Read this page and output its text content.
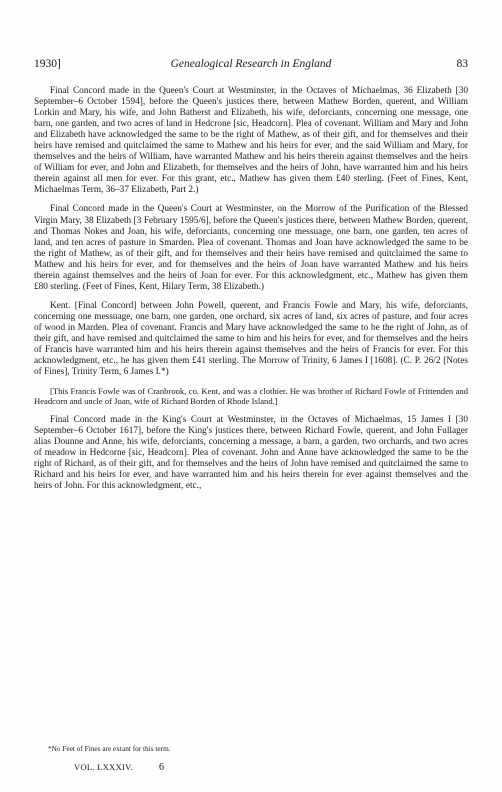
1930]	Genealogical Research in England	83

Final Concord made in the Queen's Court at Westminster, in the Octaves of Michaelmas, 36 Elizabeth [30 September–6 October 1594], before the Queen's justices there, between Mathew Borden, querent, and William Lorkin and Mary, his wife, and John Batherst and Elizabeth, his wife, deforciants, concerning one message, one barn, one garden, and two acres of land in Hedcrone [sic, Headcorn]. Plea of covenant. William and Mary and John and Elizabeth have acknowledged the same to be the right of Mathew, as of their gift, and for themselves and their heirs have remised and quitclaimed the same to Mathew and his heirs for ever, and the said William and Mary, for themselves and the heirs of William, have warranted Mathew and his heirs therein against themselves and the heirs of William for ever, and John and Elizabeth, for themselves and the heirs of John, have warranted him and his heirs therein against all men for ever. For this grant, etc., Mathew has given them £40 sterling. (Feet of Fines, Kent, Michaelmas Term, 36–37 Elizabeth, Part 2.)

Final Concord made in the Queen's Court at Westminster, on the Morrow of the Purification of the Blessed Virgin Mary, 38 Elizabeth [3 February 1595/6], before the Queen's justices there, between Mathew Borden, querent, and Thomas Nokes and Joan, his wife, deforciants, concerning one messuage, one barn, one garden, ten acres of land, and ten acres of pasture in Smarden. Plea of covenant. Thomas and Joan have acknowledged the same to be the right of Mathew, as of their gift, and for themselves and their heirs have remised and quitclaimed the same to Mathew and his heirs for ever, and for themselves and the heirs of Joan have warranted Mathew and his heirs therein against themselves and the heirs of Joan for ever. For this acknowledgment, etc., Mathew has given them £80 sterling. (Feet of Fines, Kent, Hilary Term, 38 Elizabeth.)

Kent. [Final Concord] between John Powell, querent, and Francis Fowle and Mary, his wife, deforciants, concerning one messuage, one barn, one garden, one orchard, six acres of land, six acres of pasture, and four acres of wood in Marden. Plea of covenant. Francis and Mary have acknowledged the same to be the right of John, as of their gift, and have remised and quitclaimed the same to him and his heirs for ever, and for themselves and the heirs of Francis have warranted him and his heirs therein against themselves and the heirs of Francis for ever. For this acknowledgment, etc., he has given them £41 sterling. The Morrow of Trinity, 6 James I [1608]. (C. P. 26/2 [Notes of Fines], Trinity Term, 6 James I.*)

[This Francis Fowle was of Cranbrook, co. Kent, and was a clothier. He was brother of Richard Fowle of Frittenden and Headcorn and uncle of Joan, wife of Richard Borden of Rhode Island.]

Final Concord made in the King's Court at Westminster, in the Octaves of Michaelmas, 15 James I [30 September–6 October 1617], before the King's justices there, between Richard Fowle, querent, and John Fullager alias Dounne and Anne, his wife, deforciants, concerning a message, a barn, a garden, two orchards, and two acres of meadow in Hedcorne [sic, Headcorn]. Plea of covenant. John and Anne have acknowledged the same to be the right of Richard, as of their gift, and for themselves and the heirs of John have remised and quitclaimed the same to Richard and his heirs for ever, and have warranted him and his heirs therein for ever against themselves and the heirs of John. For this acknowledgment, etc.,

*No Feet of Fines are extant for this term.
VOL. LXXXIV.	6
